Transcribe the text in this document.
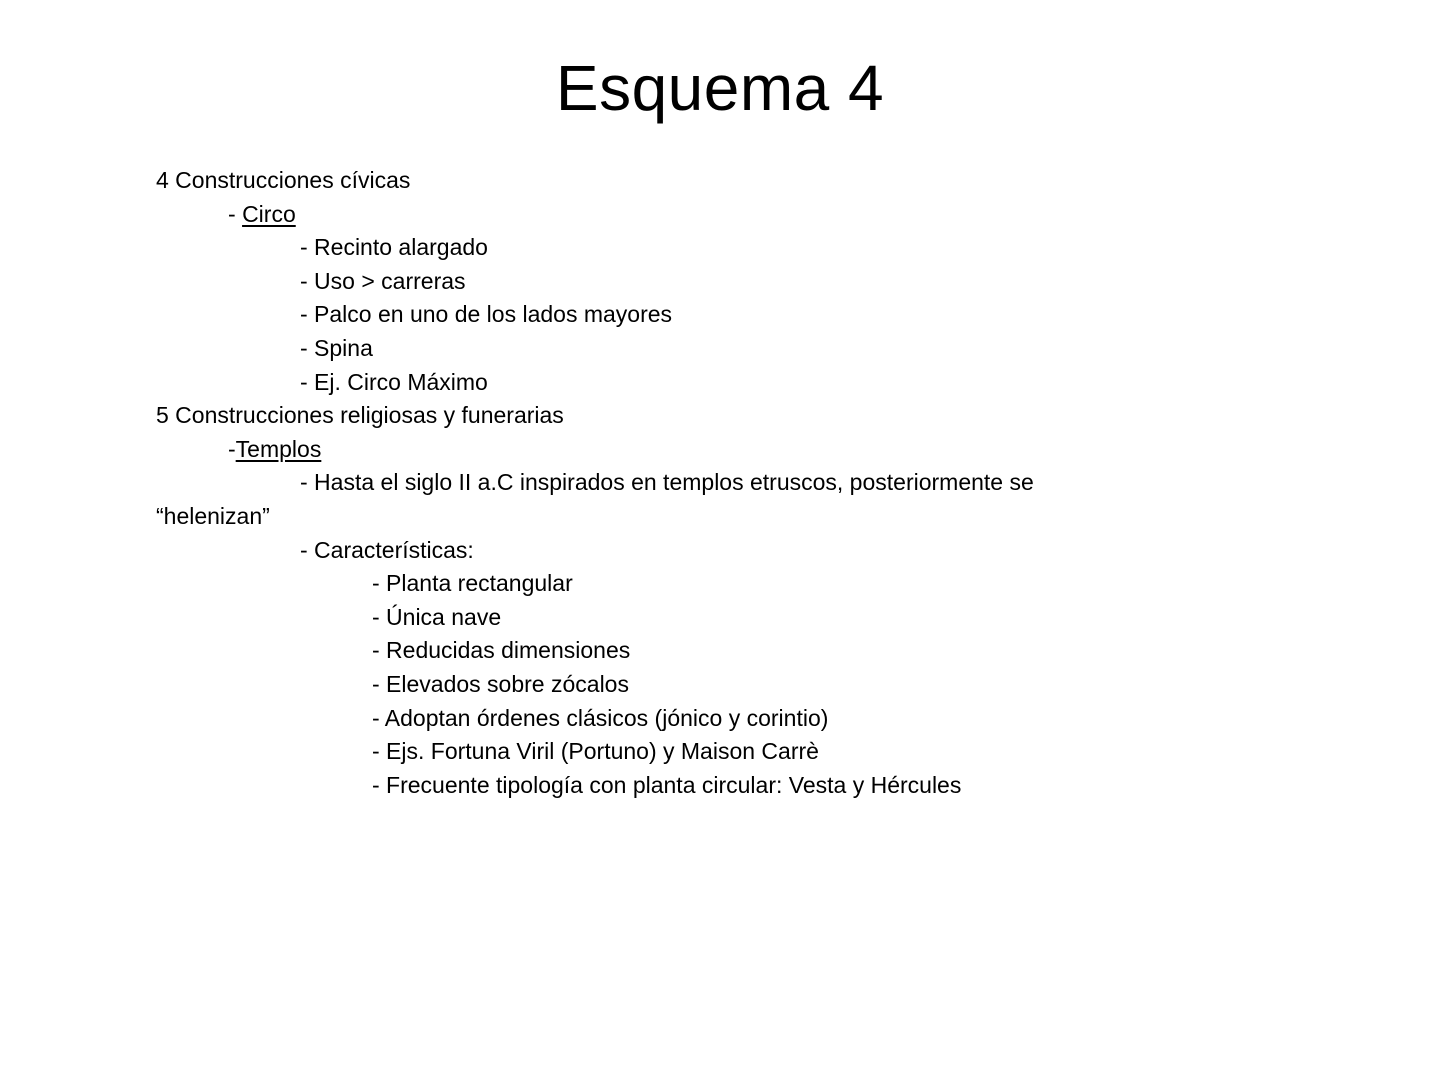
Esquema 4
4 Construcciones cívicas
- Circo
- Recinto alargado
- Uso > carreras
- Palco en uno de los lados mayores
- Spina
- Ej. Circo Máximo
5 Construcciones religiosas y funerarias
-Templos
- Hasta el siglo II a.C inspirados en templos etruscos, posteriormente se
“helenizan”
- Características:
- Planta rectangular
- Única nave
- Reducidas dimensiones
- Elevados sobre zócalos
- Adoptan órdenes clásicos (jónico y corintio)
- Ejs. Fortuna Viril (Portuno) y Maison Carrè
- Frecuente tipología con planta circular: Vesta y Hércules
